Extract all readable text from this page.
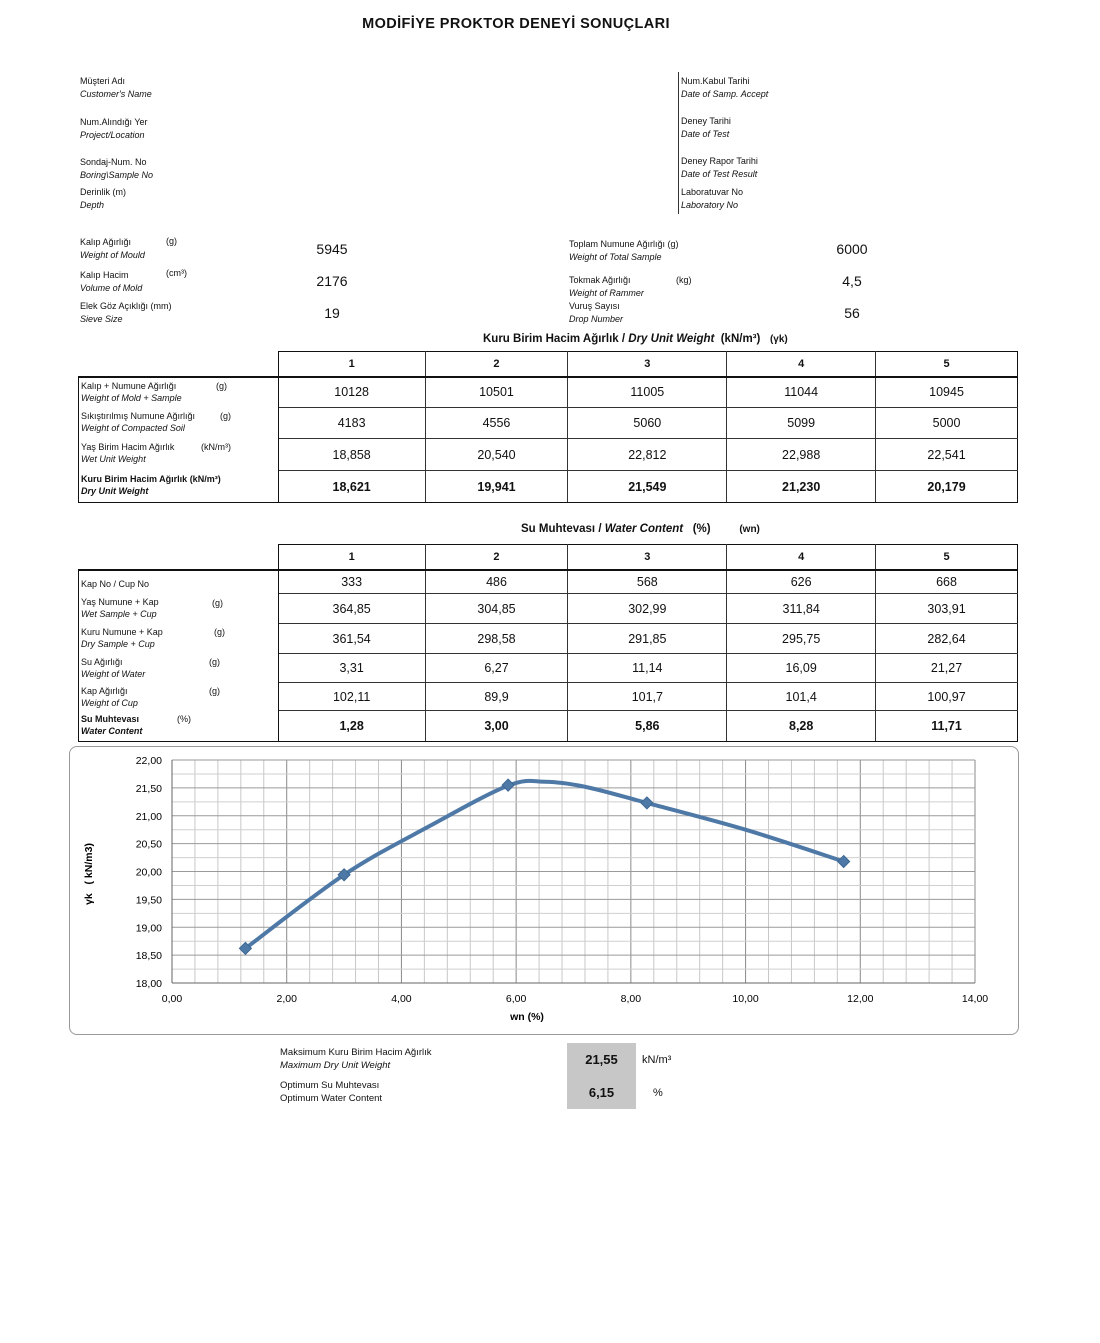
MODİFİYE PROKTOR DENEYİ SONUÇLARI
Müşteri Adı
Customer's Name
Num.Alındığı Yer
Project/Location
Sondaj-Num. No
Boring\Sample No
Derinlik (m)
Depth
Num.Kabul Tarihi
Date of Samp. Accept
Deney Tarihi
Date of Test
Deney Rapor Tarihi
Date of Test Result
Laboratuvar No
Laboratory No
Kalıp Ağırlığı
Weight of Mould
(g)	5945
Kalıp Hacim
Volume of Mold
(cm³)	2176
Elek Göz Açıklığı (mm)
Sieve Size	19
Toplam Numune Ağırlığı (g)
Weight of Total Sample	6000
Tokmak Ağırlığı
Weight of Rammer
(kg)	4,5
Vuruş Sayısı
Drop Number	56
Kuru Birim Hacim Ağırlık / Dry Unit Weight (kN/m³) (γk)
	1	2	3	4	5

Kalıp + Numune Ağırlığı
Weight of Mold + Sample
(g)	10128	10501	11005	11044	10945

Sıkıştırılmış Numune Ağırlığı
Weight of Compacted Soil
(g)	4183	4556	5060	5099	5000

Yaş Birim Hacim Ağırlık
Wet Unit Weight
(kN/m³)	18,858	20,540	22,812	22,988	22,541

Kuru Birim Hacim Ağırlık (kN/m³)
Dry Unit Weight	18,621	19,941	21,549	21,230	20,179
Su Muhtevası / Water Content (%)	(wn)
	1	2	3	4	5

Kap No / Cup No	333	486	568	626	668

Yaş Numune + Kap
Wet Sample + Cup
(g)	364,85	304,85	302,99	311,84	303,91

Kuru Numune + Kap
Dry Sample + Cup
(g)	361,54	298,58	291,85	295,75	282,64

Su Ağırlığı
Weight of Water
(g)	3,31	6,27	11,14	16,09	21,27

Kap Ağırlığı
Weight of Cup
(g)	102,11	89,9	101,7	101,4	100,97

Su Muhtevası
Water Content
(%)	1,28	3,00	5,86	8,28	11,71
0,00	2,00	4,00	6,00	8,00	10,00	12,00	14,00
22,00
21,50
21,00
20,50
20,00
19,50
19,00
18,50
18,00
wn (%)
γk   ( kN/m3)
Maksimum Kuru Birim Hacim Ağırlık
Maximum Dry Unit Weight	21,55	kN/m³
Optimum Su Muhtevası
Optimum Water Content	6,15	%
